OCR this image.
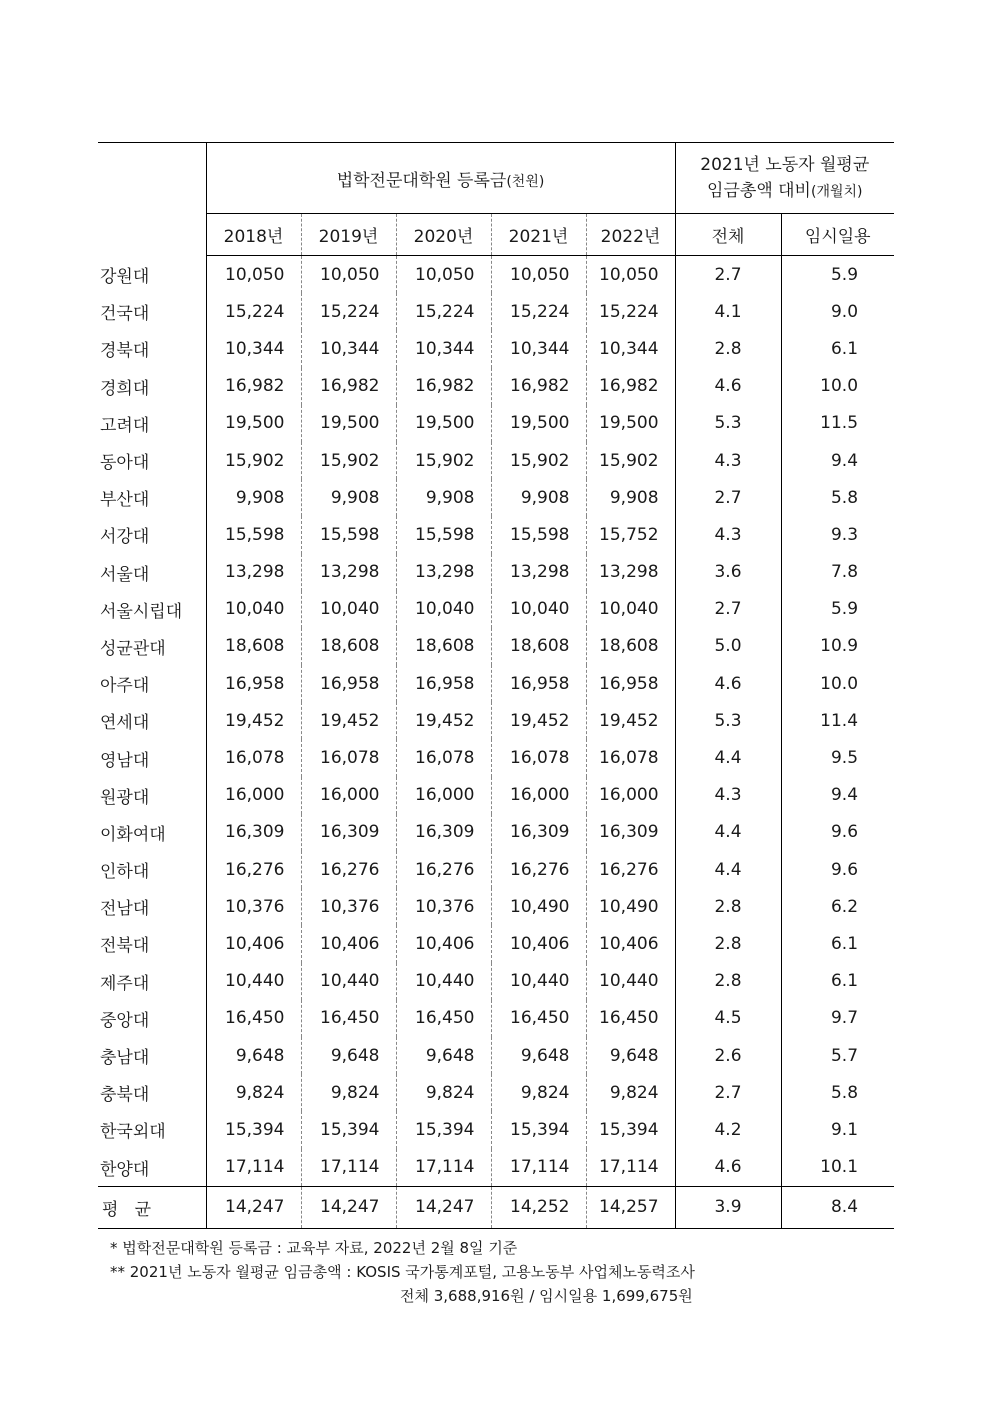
	법학전문대학원 등록금(천원)					2021년 노동자 월평균
임금총액 대비(개월치)	

	2018년	2019년	2020년	2021년	2022년	전체	임시일용
강원대	10,050	10,050	10,050	10,050	10,050	2.7	5.9
건국대	15,224	15,224	15,224	15,224	15,224	4.1	9.0
경북대	10,344	10,344	10,344	10,344	10,344	2.8	6.1
경희대	16,982	16,982	16,982	16,982	16,982	4.6	10.0
고려대	19,500	19,500	19,500	19,500	19,500	5.3	11.5
동아대	15,902	15,902	15,902	15,902	15,902	4.3	9.4
부산대	9,908	9,908	9,908	9,908	9,908	2.7	5.8
서강대	15,598	15,598	15,598	15,598	15,752	4.3	9.3
서울대	13,298	13,298	13,298	13,298	13,298	3.6	7.8
서울시립대	10,040	10,040	10,040	10,040	10,040	2.7	5.9
성균관대	18,608	18,608	18,608	18,608	18,608	5.0	10.9
아주대	16,958	16,958	16,958	16,958	16,958	4.6	10.0
연세대	19,452	19,452	19,452	19,452	19,452	5.3	11.4
영남대	16,078	16,078	16,078	16,078	16,078	4.4	9.5
원광대	16,000	16,000	16,000	16,000	16,000	4.3	9.4
이화여대	16,309	16,309	16,309	16,309	16,309	4.4	9.6
인하대	16,276	16,276	16,276	16,276	16,276	4.4	9.6
전남대	10,376	10,376	10,376	10,490	10,490	2.8	6.2
전북대	10,406	10,406	10,406	10,406	10,406	2.8	6.1
제주대	10,440	10,440	10,440	10,440	10,440	2.8	6.1
중앙대	16,450	16,450	16,450	16,450	16,450	4.5	9.7
충남대	9,648	9,648	9,648	9,648	9,648	2.6	5.7
충북대	9,824	9,824	9,824	9,824	9,824	2.7	5.8
한국외대	15,394	15,394	15,394	15,394	15,394	4.2	9.1
한양대	17,114	17,114	17,114	17,114	17,114	4.6	10.1
평   균	14,247	14,247	14,247	14,252	14,257	3.9	8.4
* 법학전문대학원 등록금 : 교육부 자료, 2022년 2월 8일 기준
** 2021년 노동자 월평균 임금총액 : KOSIS 국가통계포털, 고용노동부 사업체노동력조사
전체 3,688,916원 / 임시일용 1,699,675원
